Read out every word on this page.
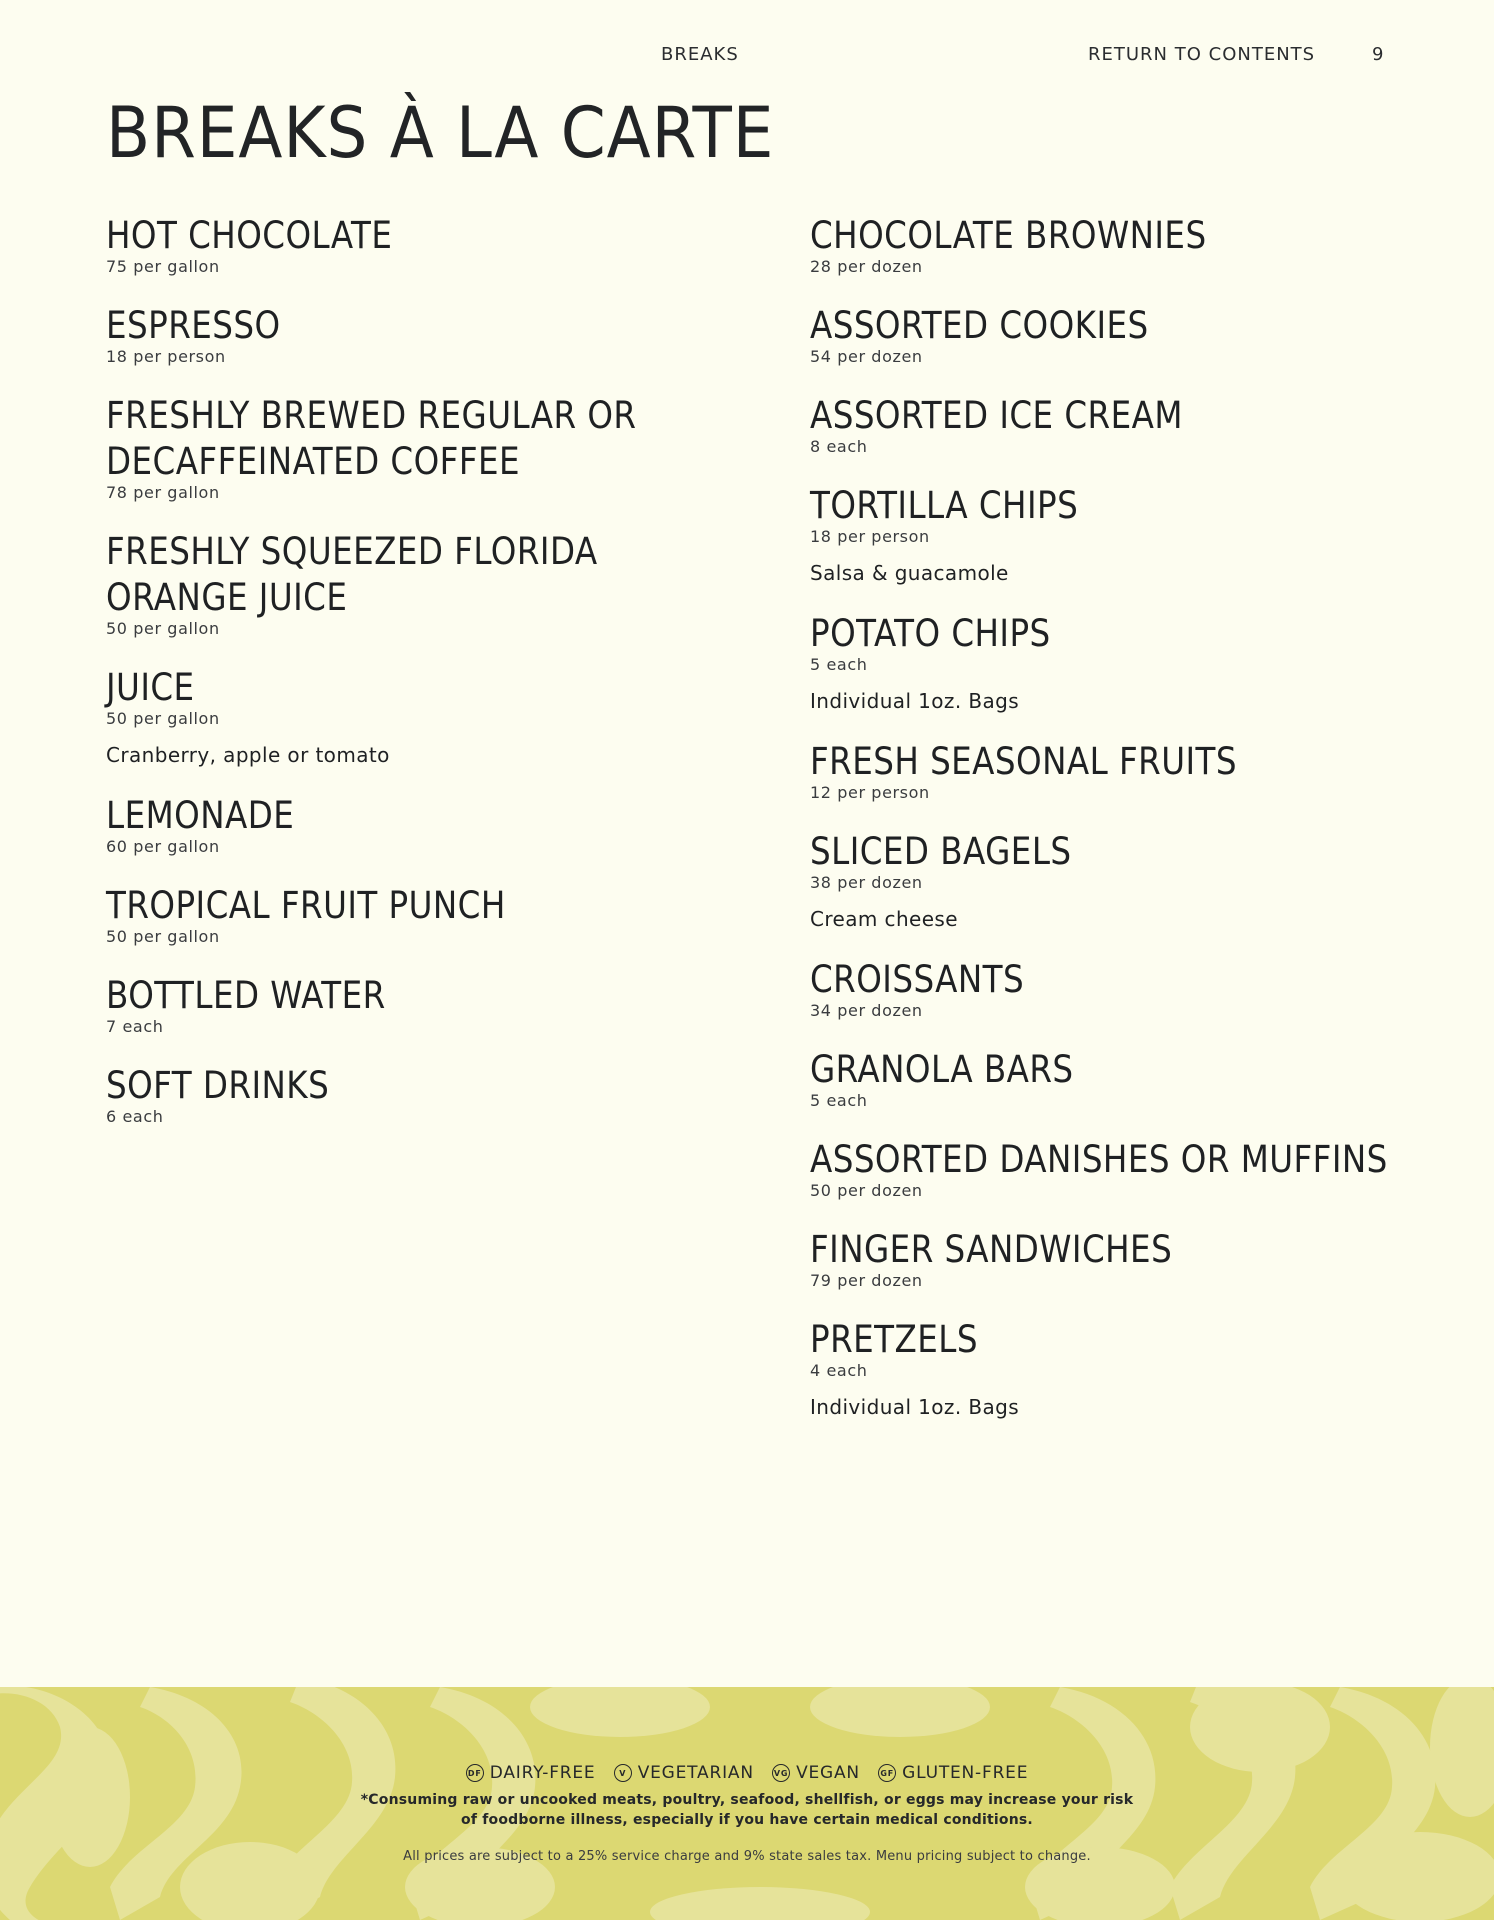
BREAKS	RETURN TO CONTENTS	9
BREAKS À LA CARTE
HOT CHOCOLATE
75 per gallon
ESPRESSO
18 per person
FRESHLY BREWED REGULAR OR DECAFFEINATED COFFEE
78 per gallon
FRESHLY SQUEEZED FLORIDA ORANGE JUICE
50 per gallon
JUICE
50 per gallon
Cranberry, apple or tomato
LEMONADE
60 per gallon
TROPICAL FRUIT PUNCH
50 per gallon
BOTTLED WATER
7 each
SOFT DRINKS
6 each
CHOCOLATE BROWNIES
28 per dozen
ASSORTED COOKIES
54 per dozen
ASSORTED ICE CREAM
8 each
TORTILLA CHIPS
18 per person
Salsa & guacamole
POTATO CHIPS
5 each
Individual 1oz. Bags
FRESH SEASONAL FRUITS
12 per person
SLICED BAGELS
38 per dozen
Cream cheese
CROISSANTS
34 per dozen
GRANOLA BARS
5 each
ASSORTED DANISHES OR MUFFINS
50 per dozen
FINGER SANDWICHES
79 per dozen
PRETZELS
4 each
Individual 1oz. Bags
DF DAIRY-FREE
	V VEGETARIAN
	VG VEGAN
	GF GLUTEN-FREE
*Consuming raw or uncooked meats, poultry, seafood, shellfish, or eggs may increase your risk
of foodborne illness, especially if you have certain medical conditions.
All prices are subject to a 25% service charge and 9% state sales tax. Menu pricing subject to change.
